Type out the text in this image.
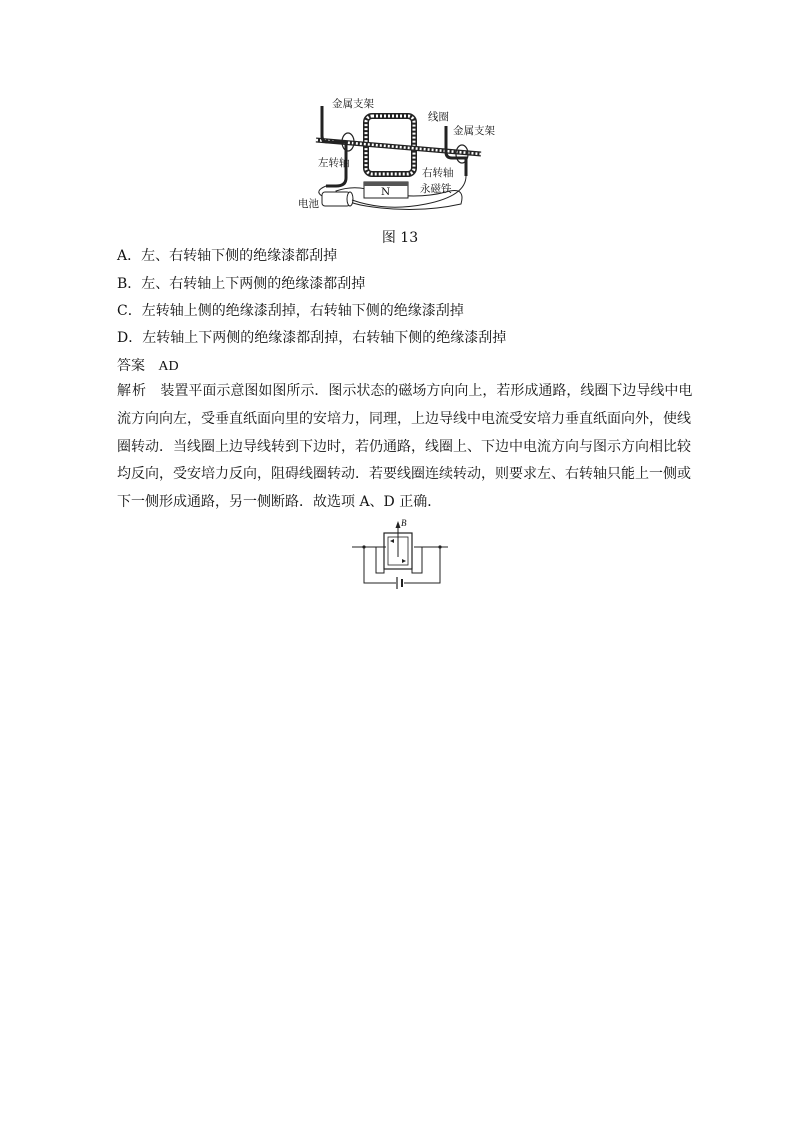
N
金属支架
线圈
金属支架
左转轴
右转轴
永磁铁
电池
图 13
A．左、右转轴下侧的绝缘漆都刮掉
B．左、右转轴上下两侧的绝缘漆都刮掉
C．左转轴上侧的绝缘漆刮掉，右转轴下侧的绝缘漆刮掉
D．左转轴上下两侧的绝缘漆都刮掉，右转轴下侧的绝缘漆刮掉
答案 AD
解析 装置平面示意图如图所示．图示状态的磁场方向向上，若形成通路，线圈下边导线中电流方向向左，受垂直纸面向里的安培力，同理，上边导线中电流受安培力垂直纸面向外，使线圈转动．当线圈上边导线转到下边时，若仍通路，线圈上、下边中电流方向与图示方向相比较均反向，受安培力反向，阻碍线圈转动．若要线圈连续转动，则要求左、右转轴只能上一侧或下一侧形成通路，另一侧断路．故选项 A、D 正确．
B
